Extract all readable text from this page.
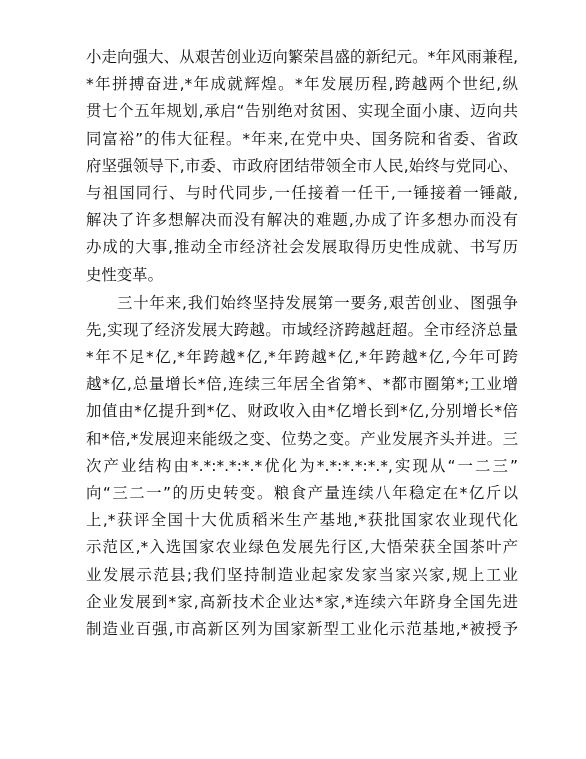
小走向强大、从艰苦创业迈向繁荣昌盛的新纪元。*年风雨兼程,
*年拼搏奋进,*年成就辉煌。*年发展历程,跨越两个世纪,纵
贯七个五年规划,承启“告别绝对贫困、实现全面小康、迈向共
同富裕”的伟大征程。*年来,在党中央、国务院和省委、省政
府坚强领导下,市委、市政府团结带领全市人民,始终与党同心、
与祖国同行、与时代同步,一任接着一任干,一锤接着一锤敲,
解决了许多想解决而没有解决的难题,办成了许多想办而没有
办成的大事,推动全市经济社会发展取得历史性成就、书写历
史性变革。
三十年来,我们始终坚持发展第一要务,艰苦创业、图强争
先,实现了经济发展大跨越。市域经济跨越赶超。全市经济总量
*年不足*亿,*年跨越*亿,*年跨越*亿,*年跨越*亿,今年可跨
越*亿,总量增长*倍,连续三年居全省第*、*都市圈第*;工业增
加值由*亿提升到*亿、财政收入由*亿增长到*亿,分别增长*倍
和*倍,*发展迎来能级之变、位势之变。产业发展齐头并进。三
次产业结构由*.*:*.*:*.*优化为*.*:*.*:*.*,实现从“一二三”
向“三二一”的历史转变。粮食产量连续八年稳定在*亿斤以
上,*获评全国十大优质稻米生产基地,*获批国家农业现代化
示范区,*入选国家农业绿色发展先行区,大悟荣获全国茶叶产
业发展示范县;我们坚持制造业起家发家当家兴家,规上工业
企业发展到*家,高新技术企业达*家,*连续六年跻身全国先进
制造业百强,市高新区列为国家新型工业化示范基地,*被授予
